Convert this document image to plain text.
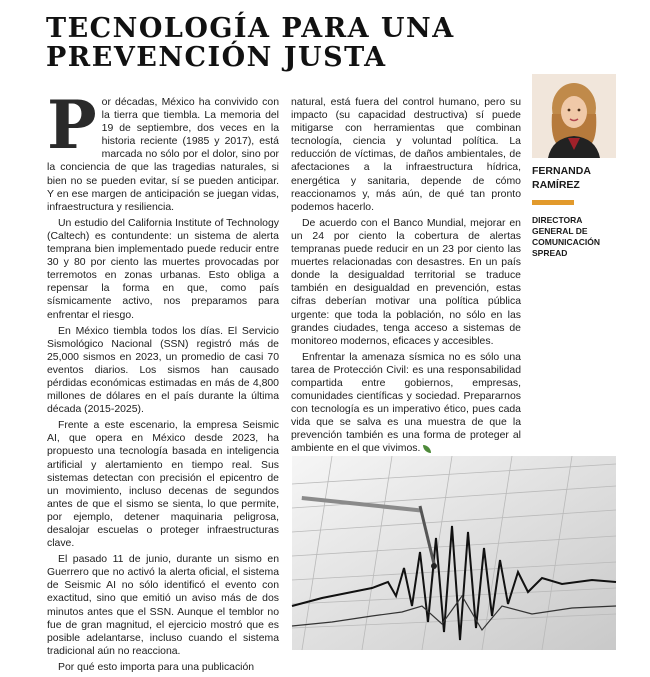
TECNOLOGÍA PARA UNA
PREVENCIÓN JUSTA

Por décadas, México ha convivido con la tierra que tiembla. La memoria del 19 de septiembre, dos veces en la historia reciente (1985 y 2017), está marcada no sólo por el dolor, sino por la conciencia de que las tragedias naturales, si bien no se pueden evitar, sí se pueden anticipar. Y en ese margen de anticipación se juegan vidas, infraestructura y resiliencia.

Un estudio del California Institute of Technology (Caltech) es contundente: un sistema de alerta temprana bien implementado puede reducir entre 30 y 80 por ciento las muertes provocadas por terremotos en zonas urbanas. Esto obliga a repensar la forma en que, como país sísmicamente activo, nos preparamos para enfrentar el riesgo.

En México tiembla todos los días. El Servicio Sismológico Nacional (SSN) registró más de 25,000 sismos en 2023, un promedio de casi 70 eventos diarios. Los sismos han causado pérdidas económicas estimadas en más de 4,800 millones de dólares en el país durante la última década (2015-2025).

Frente a este escenario, la empresa Seismic AI, que opera en México desde 2023, ha propuesto una tecnología basada en inteligencia artificial y alertamiento en tiempo real. Sus sistemas detectan con precisión el epicentro de un movimiento, incluso decenas de segundos antes de que el sismo se sienta, lo que permite, por ejemplo, detener maquinaria peligrosa, desalojar escuelas o proteger infraestructuras clave.

El pasado 11 de junio, durante un sismo en Guerrero que no activó la alerta oficial, el sistema de Seismic AI no sólo identificó el evento con exactitud, sino que emitió un aviso más de dos minutos antes que el SSN. Aunque el temblor no fue de gran magnitud, el ejercicio mostró que es posible adelantarse, incluso cuando el sistema tradicional aún no reacciona.

Por qué esto importa para una publicación

natural, está fuera del control humano, pero su impacto (su capacidad destructiva) sí puede mitigarse con herramientas que combinan tecnología, ciencia y voluntad política. La reducción de víctimas, de daños ambientales, de afectaciones a la infraestructura hídrica, energética y sanitaria, depende de cómo reaccionamos y, más aún, de qué tan pronto podemos hacerlo.

De acuerdo con el Banco Mundial, mejorar en un 24 por ciento la cobertura de alertas tempranas puede reducir en un 23 por ciento las muertes relacionadas con desastres. En un país donde la desigualdad territorial se traduce también en desigualdad en prevención, estas cifras deberían motivar una política pública urgente: que toda la población, no sólo en las grandes ciudades, tenga acceso a sistemas de monitoreo modernos, eficaces y accesibles.

Enfrentar la amenaza sísmica no es sólo una tarea de Protección Civil: es una responsabilidad compartida entre gobiernos, empresas, comunidades científicas y sociedad. Prepararnos con tecnología es un imperativo ético, pues cada vida que se salva es una muestra de que la prevención también es una forma de proteger al ambiente en el que vivimos.

FERNANDA
RAMÍREZ
DIRECTORA
GENERAL DE
COMUNICACIÓN
SPREAD
